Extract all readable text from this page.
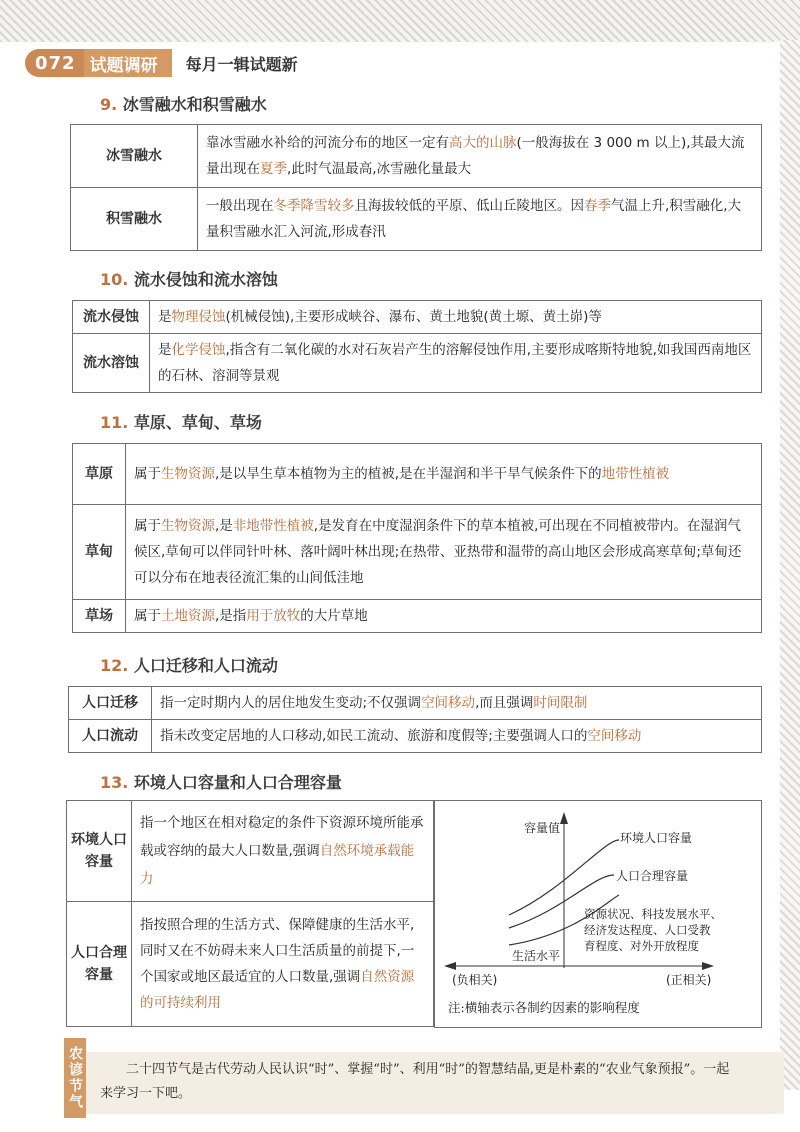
072 试题调研	每月一辑试题新
9. 冰雪融水和积雪融水
冰雪融水	靠冰雪融水补给的河流分布的地区一定有高大的山脉(一般海拔在 3 000 m 以上),其最大流量出现在夏季,此时气温最高,冰雪融化量最大
积雪融水	一般出现在冬季降雪较多且海拔较低的平原、低山丘陵地区。因春季气温上升,积雪融化,大量积雪融水汇入河流,形成春汛
10. 流水侵蚀和流水溶蚀
流水侵蚀	是物理侵蚀(机械侵蚀),主要形成峡谷、瀑布、黄土地貌(黄土塬、黄土峁)等
流水溶蚀	是化学侵蚀,指含有二氧化碳的水对石灰岩产生的溶解侵蚀作用,主要形成喀斯特地貌,如我国西南地区的石林、溶洞等景观
11. 草原、草甸、草场
草原	属于生物资源,是以旱生草本植物为主的植被,是在半湿润和半干旱气候条件下的地带性植被
草甸	属于生物资源,是非地带性植被,是发育在中度湿润条件下的草本植被,可出现在不同植被带内。在湿润气候区,草甸可以伴同针叶林、落叶阔叶林出现;在热带、亚热带和温带的高山地区会形成高寒草甸;草甸还可以分布在地表径流汇集的山间低洼地
草场	属于土地资源,是指用于放牧的大片草地
12. 人口迁移和人口流动
人口迁移	指一定时期内人的居住地发生变动;不仅强调空间移动,而且强调时间限制
人口流动	指未改变定居地的人口移动,如民工流动、旅游和度假等;主要强调人口的空间移动
13. 环境人口容量和人口合理容量
环境人口容量	指一个地区在相对稳定的条件下资源环境所能承载或容纳的最大人口数量,强调自然环境承载能力
人口合理容量	指按照合理的生活方式、保障健康的生活水平,同时又在不妨碍未来人口生活质量的前提下,一个国家或地区最适宜的人口数量,强调自然资源的可持续利用
容量值
环境人口容量
人口合理容量
生活水平
资源状况、科技发展水平、
经济发达程度、人口受教
育程度、对外开放程度
(负相关)	(正相关)
注:横轴表示各制约因素的影响程度
农谚节气	二十四节气是古代劳动人民认识“时”、掌握“时”、利用“时”的智慧结晶,更是朴素的“农业气象预报”。一起来学习一下吧。
